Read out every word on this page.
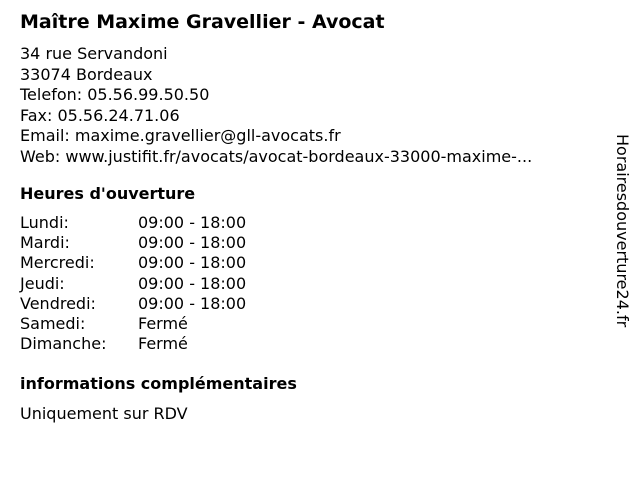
Maître Maxime Gravellier - Avocat
34 rue Servandoni
33074 Bordeaux
Telefon: 05.56.99.50.50
Fax: 05.56.24.71.06
Email: maxime.gravellier@gll-avocats.fr
Web: www.justifit.fr/avocats/avocat-bordeaux-33000-maxime-...
Heures d'ouverture
Lundi:	09:00 - 18:00
Mardi:	09:00 - 18:00
Mercredi:	09:00 - 18:00
Jeudi:	09:00 - 18:00
Vendredi:	09:00 - 18:00
Samedi:	Fermé
Dimanche: Fermé
informations complémentaires
Uniquement sur RDV
Horairesdouverture24.fr
